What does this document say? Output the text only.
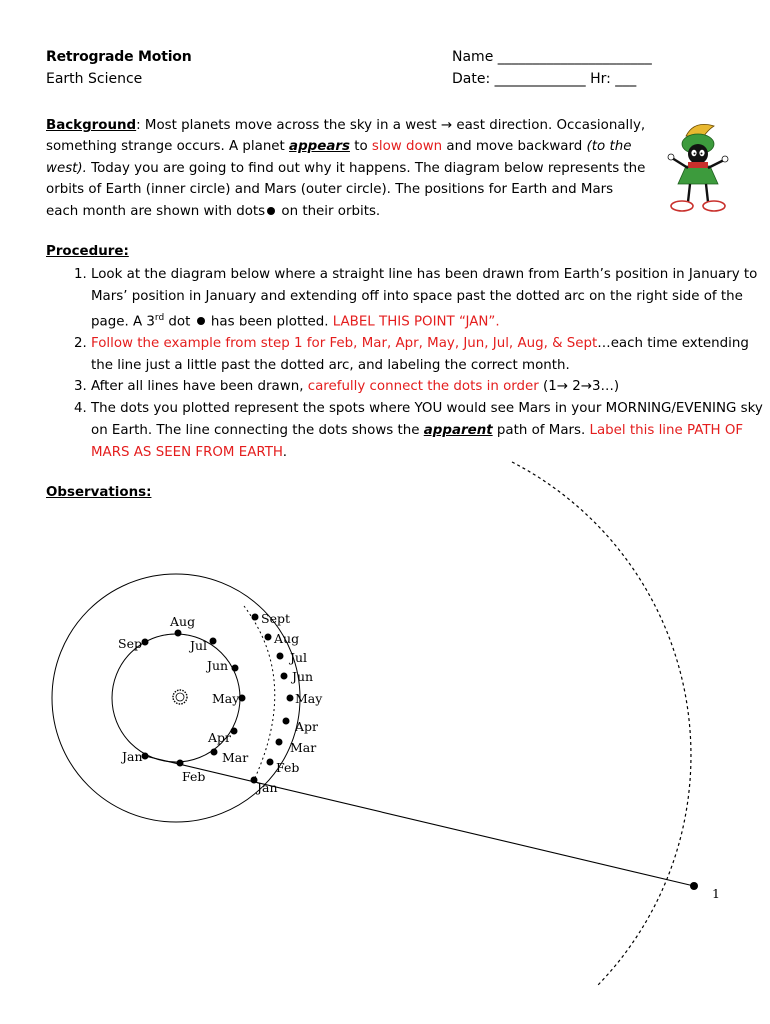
Retrograde Motion
Earth Science
Name ______________________
Date: _____________ Hr: ___
Background: Most planets move across the sky in a west → east direction. Occasionally, something strange occurs. A planet appears to slow down and move backward (to the west). Today you are going to find out why it happens. The diagram below represents the orbits of Earth (inner circle) and Mars (outer circle). The positions for Earth and Mars each month are shown with dots on their orbits.
Procedure:
1. Look at the diagram below where a straight line has been drawn from Earth’s position in January to Mars’ position in January and extending off into space past the dotted arc on the right side of the page. A 3rd dot  has been plotted. LABEL THIS POINT “JAN”.
2. Follow the example from step 1 for Feb, Mar, Apr, May, Jun, Jul, Aug, & Sept…each time extending the line just a little past the dotted arc, and labeling the correct month.
3. After all lines have been drawn, carefully connect the dots in order (1→ 2→3…)
4. The dots you plotted represent the spots where YOU would see Mars in your MORNING/EVENING sky on Earth. The line connecting the dots shows the apparent path of Mars. Label this line PATH OF MARS AS SEEN FROM EARTH.
Observations:
1
Jan
Feb
Mar
Apr
May
Jun
Jul
Aug
Sep
Jan
Feb
Mar
Apr
May
Jun
Jul
Aug
Sept
